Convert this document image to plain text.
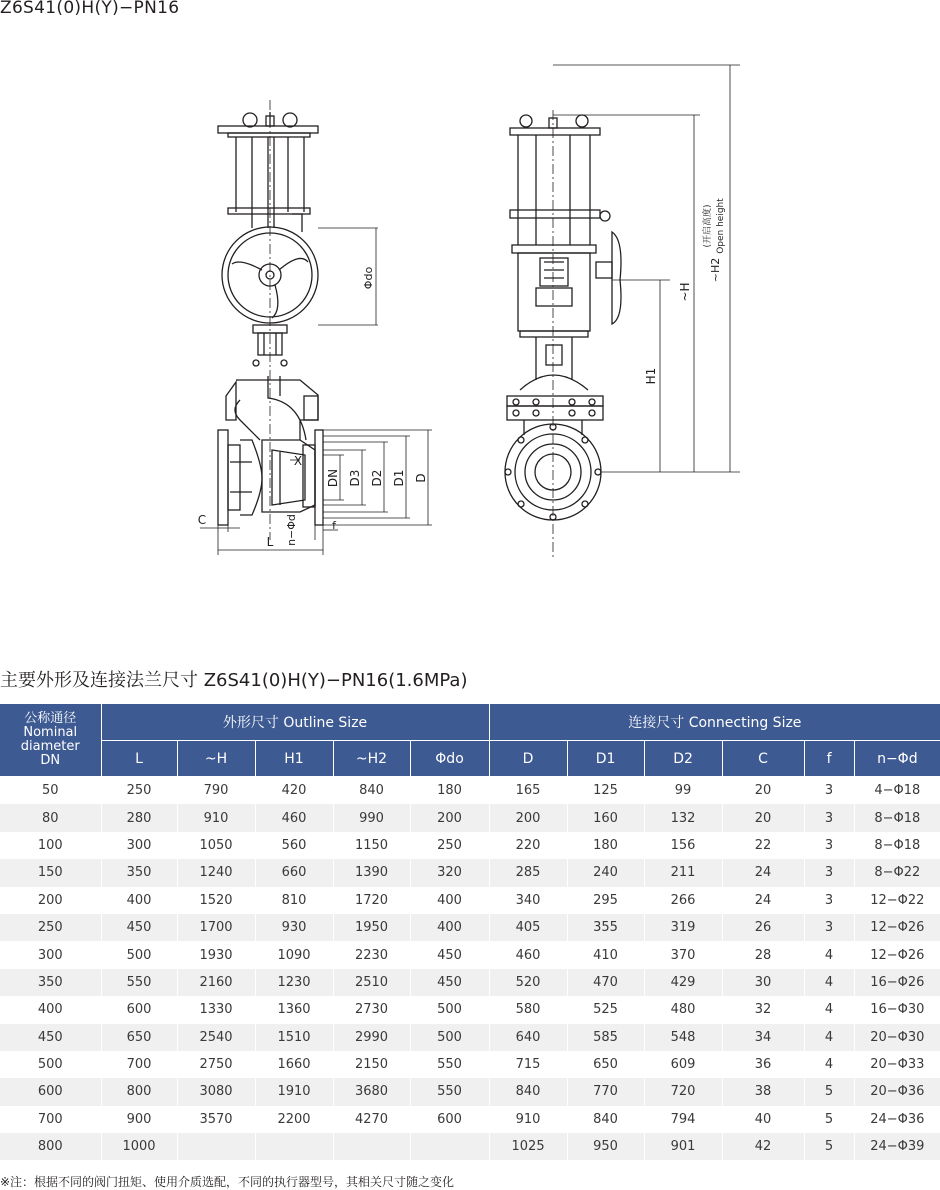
Z6S41(0)H(Y)−PN16
Φdo
X
DN D3 D2 D1 D
C
L n−Φd	f
H1
~H
~H2
(开启高度) Open height
主要外形及连接法兰尺寸 Z6S41(0)H(Y)−PN16(1.6MPa)
公称通径
Nominal
diameter
DN	外形尺寸 Outline Size					连接尺寸 Connecting Size					
	L	~H	H1	~H2	Φdo	D	D1	D2	C	f	n−Φd
50	250	790	420	840	180	165	125	99	20	3	4−Φ18
80	280	910	460	990	200	200	160	132	20	3	8−Φ18
100	300	1050	560	1150	250	220	180	156	22	3	8−Φ18
150	350	1240	660	1390	320	285	240	211	24	3	8−Φ22
200	400	1520	810	1720	400	340	295	266	24	3	12−Φ22
250	450	1700	930	1950	400	405	355	319	26	3	12−Φ26
300	500	1930	1090	2230	450	460	410	370	28	4	12−Φ26
350	550	2160	1230	2510	450	520	470	429	30	4	16−Φ26
400	600	1330	1360	2730	500	580	525	480	32	4	16−Φ30
450	650	2540	1510	2990	500	640	585	548	34	4	20−Φ30
500	700	2750	1660	2150	550	715	650	609	36	4	20−Φ33
600	800	3080	1910	3680	550	840	770	720	38	5	20−Φ36
700	900	3570	2200	4270	600	910	840	794	40	5	24−Φ36
800	1000					1025	950	901	42	5	24−Φ39
※注：根据不同的阀门扭矩、使用介质选配，不同的执行器型号，其相关尺寸随之变化
